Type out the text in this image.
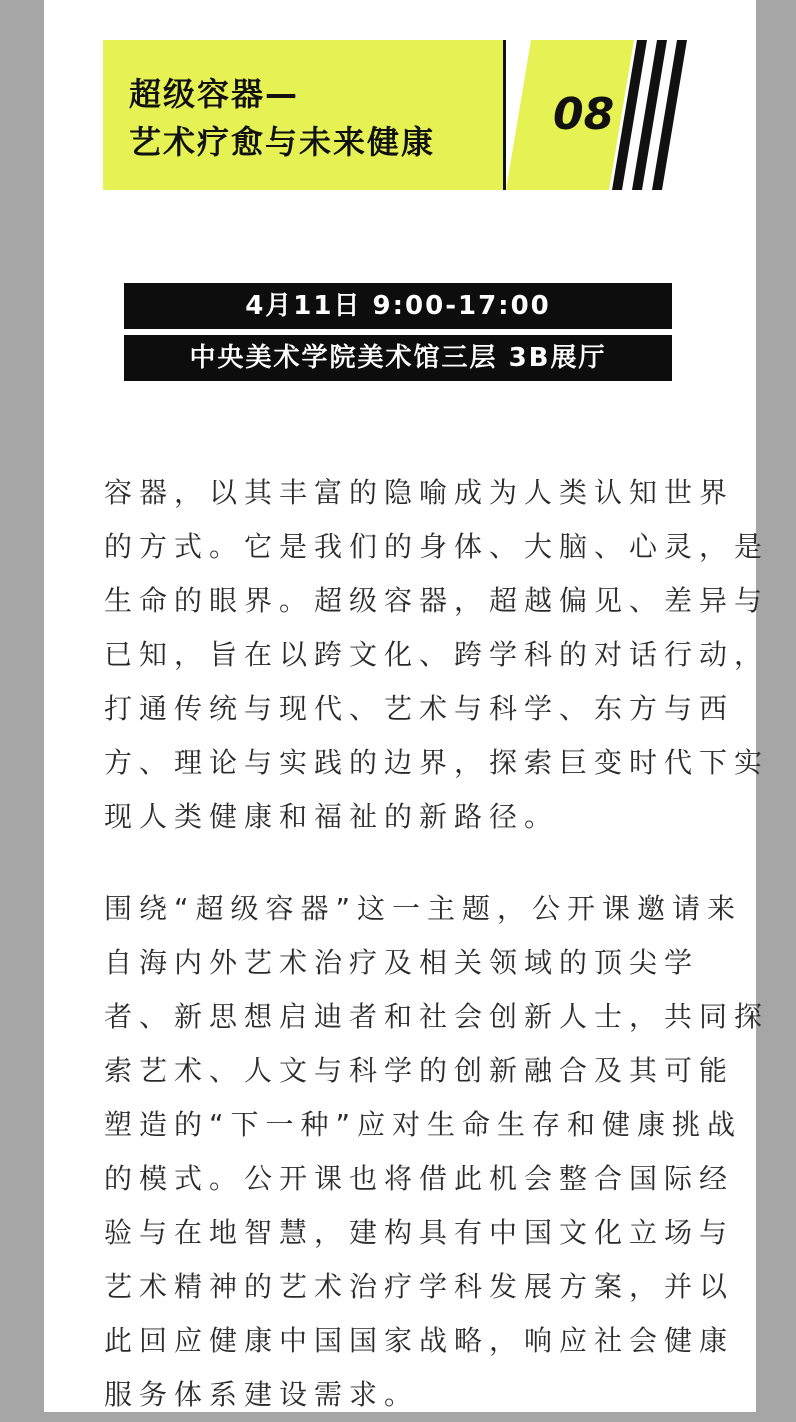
超级容器—
艺术疗愈与未来健康
08
4月11日 9:00-17:00
中央美术学院美术馆三层 3B展厅
容器，以其丰富的隐喻成为人类认知世界
的方式。它是我们的身体、大脑、心灵，是
生命的眼界。超级容器，超越偏见、差异与
已知，旨在以跨文化、跨学科的对话行动，
打通传统与现代、艺术与科学、东方与西
方、理论与实践的边界，探索巨变时代下实
现人类健康和福祉的新路径。
围绕“超级容器”这一主题，公开课邀请来
自海内外艺术治疗及相关领域的顶尖学
者、新思想启迪者和社会创新人士，共同探
索艺术、人文与科学的创新融合及其可能
塑造的“下一种”应对生命生存和健康挑战
的模式。公开课也将借此机会整合国际经
验与在地智慧，建构具有中国文化立场与
艺术精神的艺术治疗学科发展方案，并以
此回应健康中国国家战略，响应社会健康
服务体系建设需求。
